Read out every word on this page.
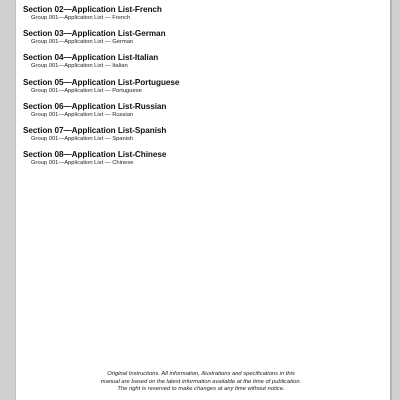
Section 02—Application List-French
Group 001—Application List — French
Section 03—Application List-German
Group 001—Application List — German
Section 04—Application List-Italian
Group 001—Application List — Italian
Section 05—Application List-Portuguese
Group 001—Application List — Portuguese
Section 06—Application List-Russian
Group 001—Application List — Russian
Section 07—Application List-Spanish
Group 001—Application List — Spanish
Section 08—Application List-Chinese
Group 001—Application List — Chinese
Original Instructions. All information, illustrations and specifications in this
manual are based on the latest information available at the time of publication.
The right is reserved to make changes at any time without notice.
